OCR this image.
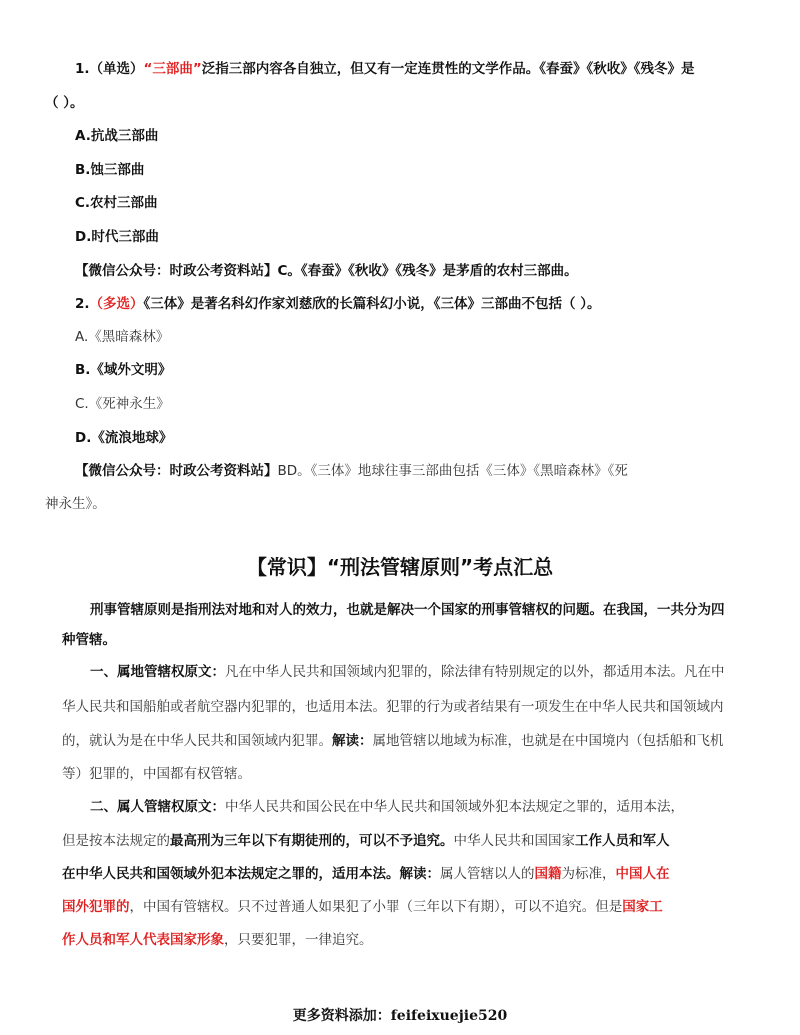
1.（单选）“三部曲”泛指三部内容各自独立，但又有一定连贯性的文学作品。《春蚕》《秋收》《残冬》是
（ ）。
A.抗战三部曲
B.蚀三部曲
C.农村三部曲
D.时代三部曲
【微信公众号：时政公考资料站】C。《春蚕》《秋收》《残冬》是茅盾的农村三部曲。
2.（多选）《三体》是著名科幻作家刘慈欣的长篇科幻小说，《三体》三部曲不包括（ ）。
A.《黑暗森林》
B.《域外文明》
C.《死神永生》
D.《流浪地球》
【微信公众号：时政公考资料站】BD。《三体》地球往事三部曲包括《三体》《黑暗森林》《死
神永生》。
【常识】“刑法管辖原则”考点汇总
刑事管辖原则是指刑法对地和对人的效力，也就是解决一个国家的刑事管辖权的问题。在我国，一共分为四
种管辖。
一、属地管辖权原文：凡在中华人民共和国领域内犯罪的，除法律有特别规定的以外，都适用本法。凡在中
华人民共和国船舶或者航空器内犯罪的，也适用本法。犯罪的行为或者结果有一项发生在中华人民共和国领域内
的，就认为是在中华人民共和国领域内犯罪。解读：属地管辖以地域为标准，也就是在中国境内（包括船和飞机
等）犯罪的，中国都有权管辖。
二、属人管辖权原文：中华人民共和国公民在中华人民共和国领域外犯本法规定之罪的，适用本法，
但是按本法规定的最高刑为三年以下有期徒刑的，可以不予追究。中华人民共和国国家工作人员和军人
在中华人民共和国领域外犯本法规定之罪的，适用本法。解读：属人管辖以人的国籍为标准，中国人在
国外犯罪的，中国有管辖权。只不过普通人如果犯了小罪（三年以下有期），可以不追究。但是国家工
作人员和军人代表国家形象，只要犯罪，一律追究。
更多资料添加：feifeixuejie520
